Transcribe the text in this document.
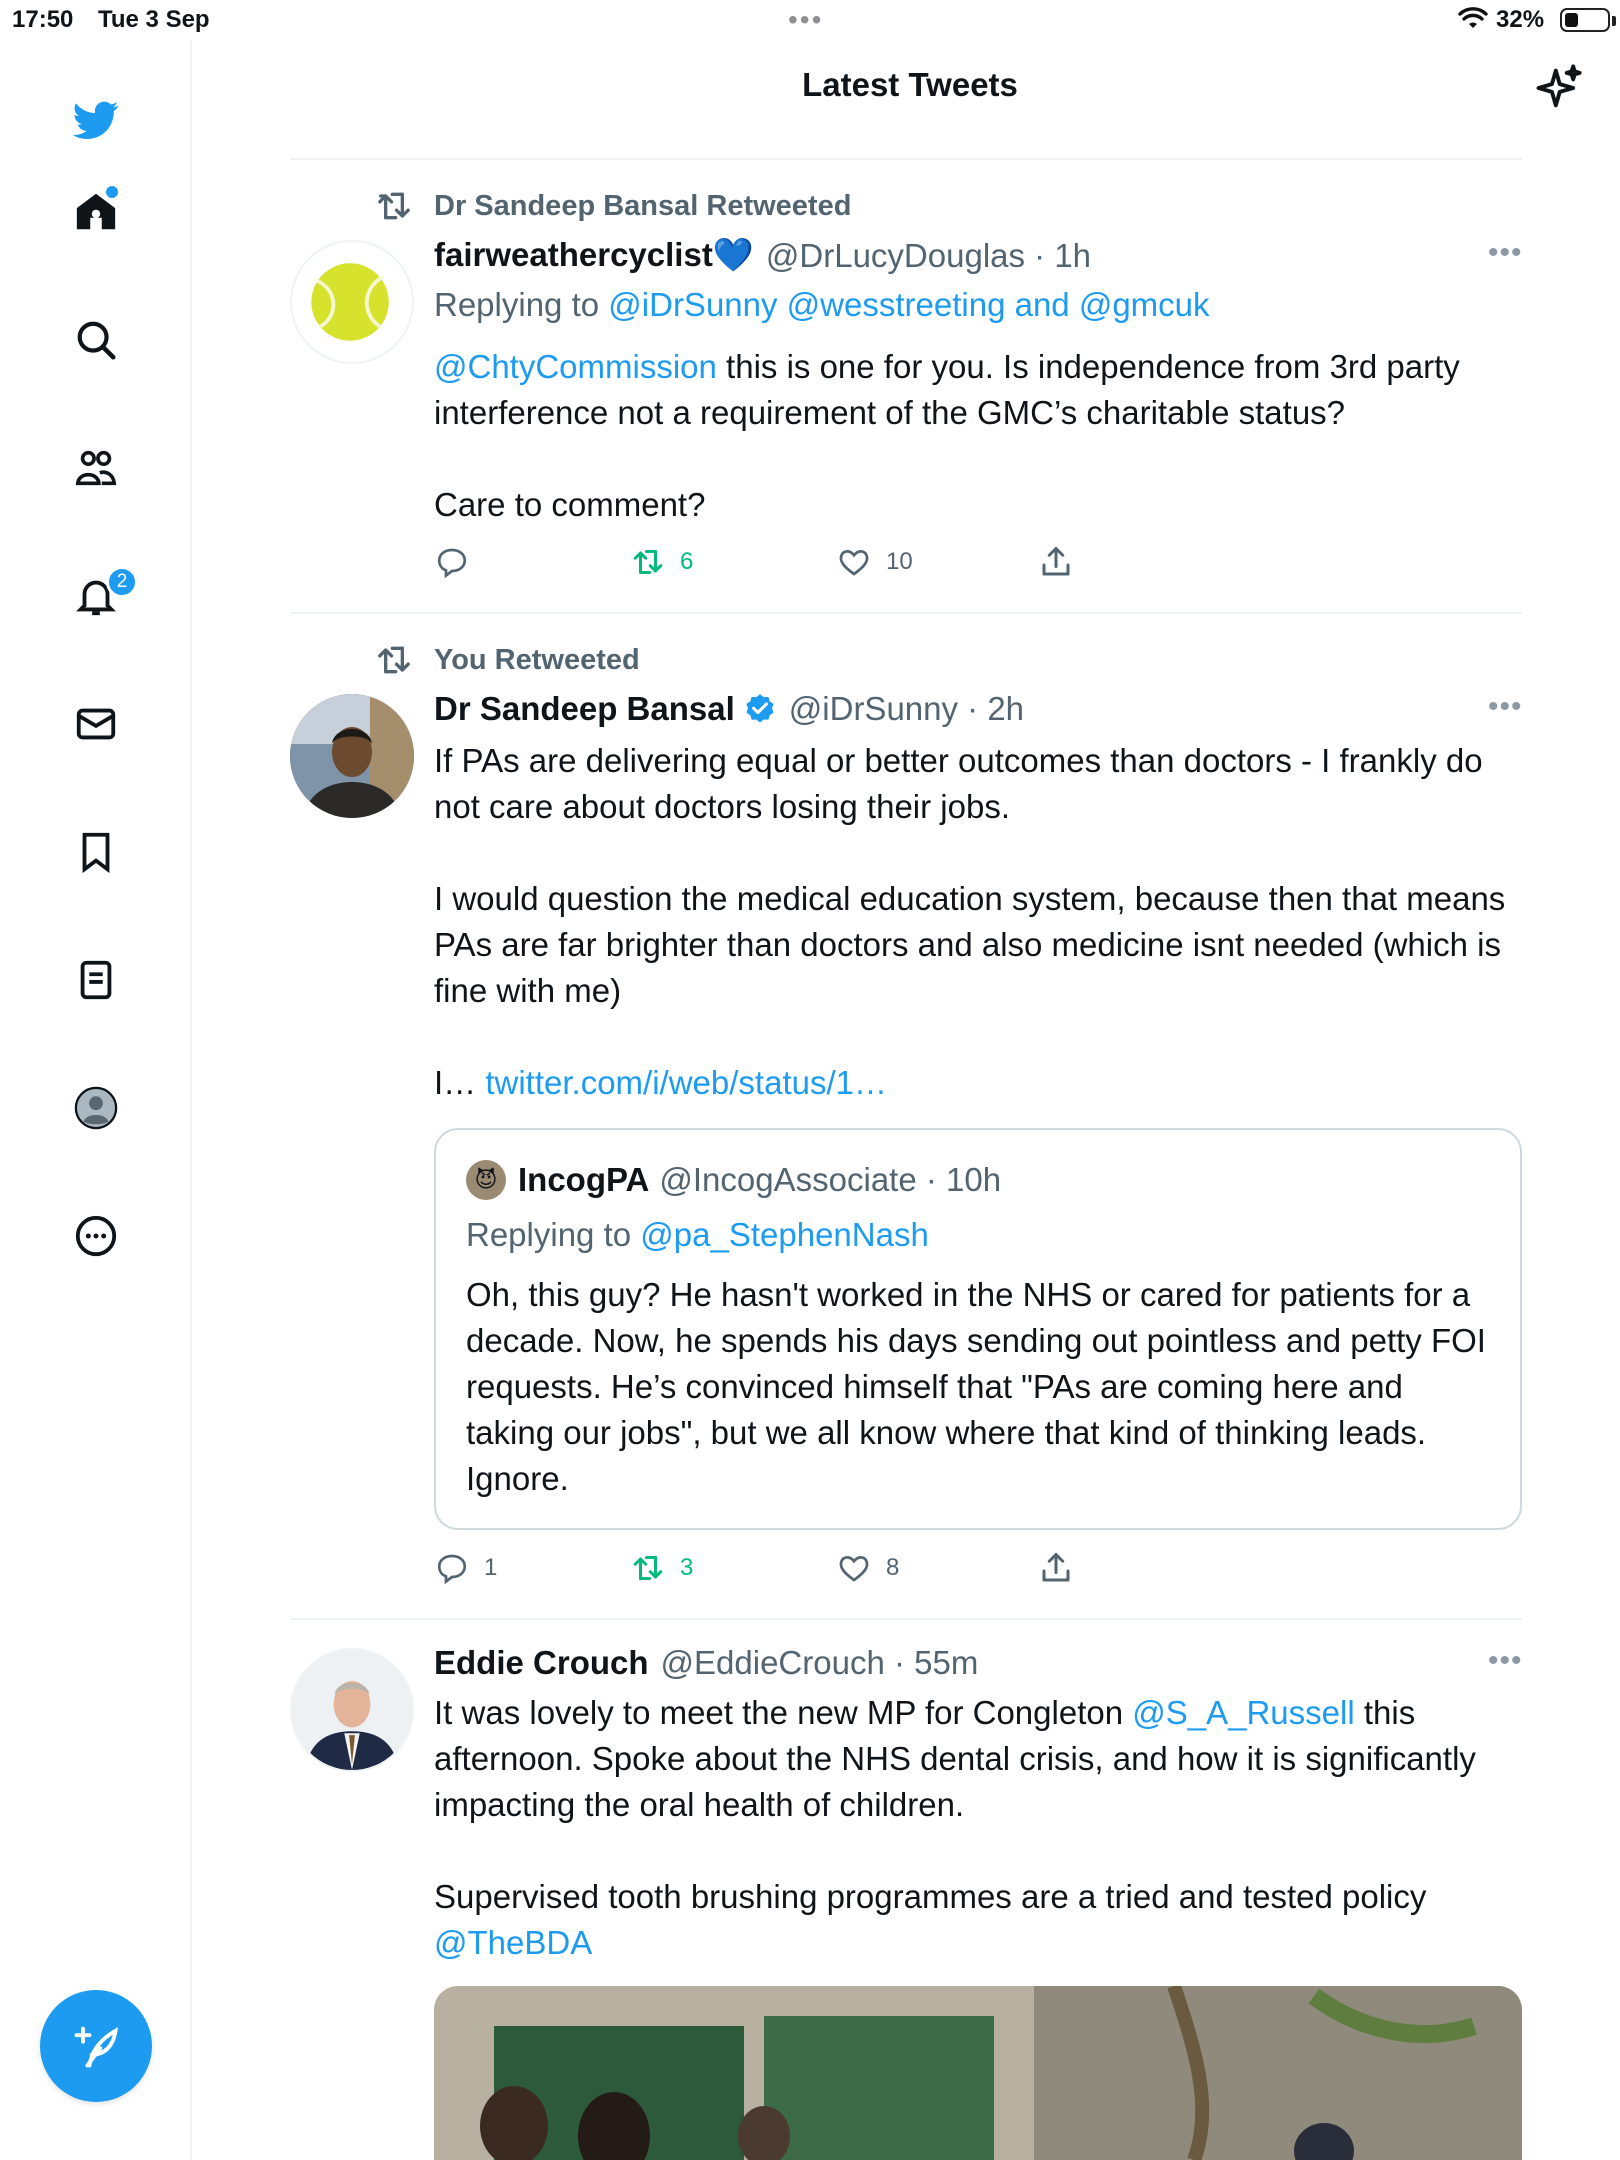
17:50 Tue 3 Sep	•••	32%
2
Latest Tweets
Dr Sandeep Bansal Retweeted
fairweathercyclist💙 @DrLucyDouglas · 1h	•••
Replying to @iDrSunny @wesstreeting and @gmcuk

@ChtyCommission this is one for you. Is independence from 3rd party interference not a requirement of the GMC’s charitable status?

Care to comment?

6	10
You Retweeted
Dr Sandeep Bansal @iDrSunny · 2h	•••

If PAs are delivering equal or better outcomes than doctors - I frankly do not care about doctors losing their jobs.

I would question the medical education system, because then that means PAs are far brighter than doctors and also medicine isnt needed (which is fine with me)

I… twitter.com/i/web/status/1…

😈 IncogPA @IncogAssociate · 10h
Replying to @pa_StephenNash
Oh, this guy? He hasn't worked in the NHS or cared for patients for a decade. Now, he spends his days sending out pointless and petty FOI requests. He’s convinced himself that "PAs are coming here and taking our jobs", but we all know where that kind of thinking leads. Ignore.
1	3	8
Eddie Crouch @EddieCrouch · 55m	•••

It was lovely to meet the new MP for Congleton @S_A_Russell this afternoon. Spoke about the NHS dental crisis, and how it is significantly impacting the oral health of children.

Supervised tooth brushing programmes are a tried and tested policy
@TheBDA
